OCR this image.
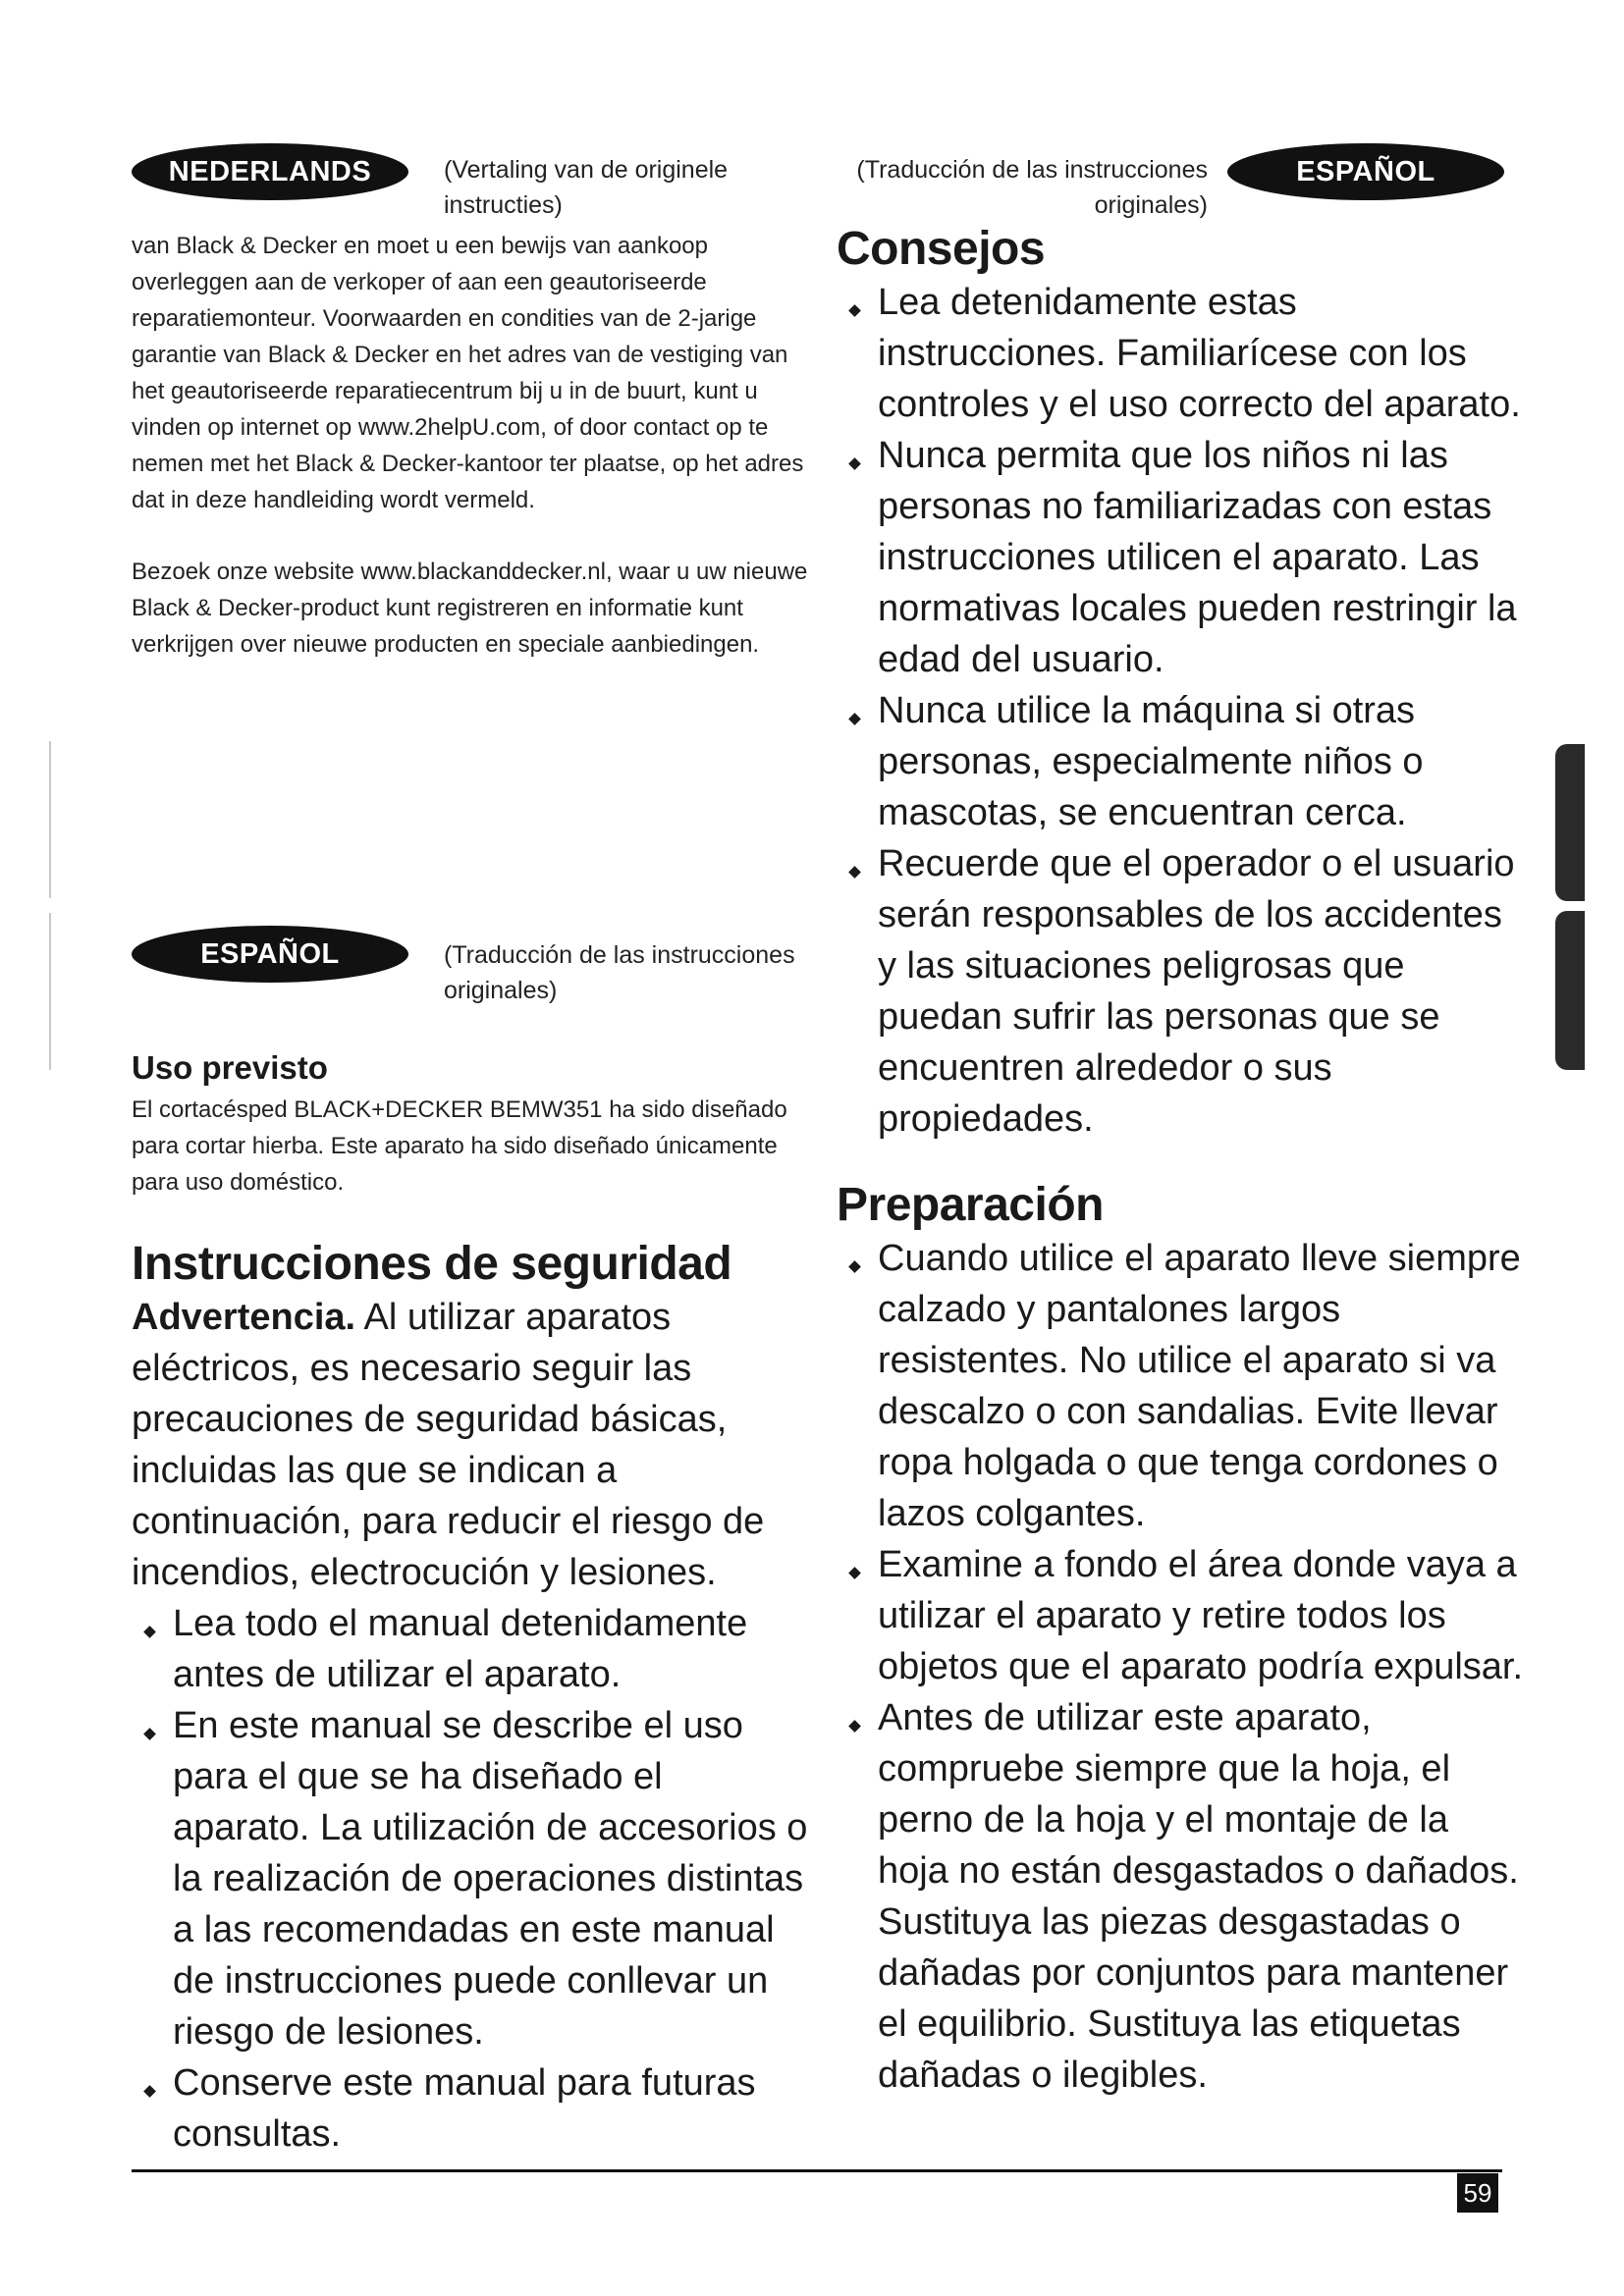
NEDERLANDS	(Vertaling van de originele
instructies)

van Black & Decker en moet u een bewijs van aankoop overleggen aan de verkoper of aan een geautoriseerde reparatiemonteur. Voorwaarden en condities van de 2-jarige garantie van Black & Decker en het adres van de vestiging van het geautoriseerde reparatiecentrum bij u in de buurt, kunt u vinden op internet op www.2helpU.com, of door contact op te nemen met het Black & Decker-kantoor ter plaatse, op het adres dat in deze handleiding wordt vermeld.

Bezoek onze website www.blackanddecker.nl, waar u uw nieuwe Black & Decker-product kunt registreren en informatie kunt verkrijgen over nieuwe producten en speciale aanbiedingen.

ESPAÑOL	(Traducción de las instrucciones
originales)
Uso previsto

El cortacésped BLACK+DECKER BEMW351 ha sido diseñado para cortar hierba. Este aparato ha sido diseñado únicamente para uso doméstico.

Instrucciones de seguridad

Advertencia. Al utilizar aparatos eléctricos, es necesario seguir las precauciones de seguridad básicas, incluidas las que se indican a continuación, para reducir el riesgo de incendios, electrocución y lesiones.

Lea todo el manual detenidamente antes de utilizar el aparato.
En este manual se describe el uso para el que se ha diseñado el aparato. La utilización de accesorios o la realización de operaciones distintas a las recomendadas en este manual de instrucciones puede conllevar un riesgo de lesiones.
Conserve este manual para futuras consultas.
(Traducción de las instrucciones
originales)
ESPAÑOL
Consejos
Lea detenidamente estas instrucciones. Familiarícese con los controles y el uso correcto del aparato.
Nunca permita que los niños ni las personas no familiarizadas con estas instrucciones utilicen el aparato. Las normativas locales pueden restringir la edad del usuario.
Nunca utilice la máquina si otras personas, especialmente niños o mascotas, se encuentran cerca.
Recuerde que el operador o el usuario serán responsables de los accidentes y las situaciones peligrosas que puedan sufrir las personas que se encuentren alrededor o sus propiedades.
Preparación
Cuando utilice el aparato lleve siempre calzado y pantalones largos resistentes. No utilice el aparato si va descalzo o con sandalias. Evite llevar ropa holgada o que tenga cordones o lazos colgantes.
Examine a fondo el área donde vaya a utilizar el aparato y retire todos los objetos que el aparato podría expulsar.
Antes de utilizar este aparato, compruebe siempre que la hoja, el perno de la hoja y el montaje de la hoja no están desgastados o dañados. Sustituya las piezas desgastadas o dañadas por conjuntos para mantener el equilibrio. Sustituya las etiquetas dañadas o ilegibles.
59
